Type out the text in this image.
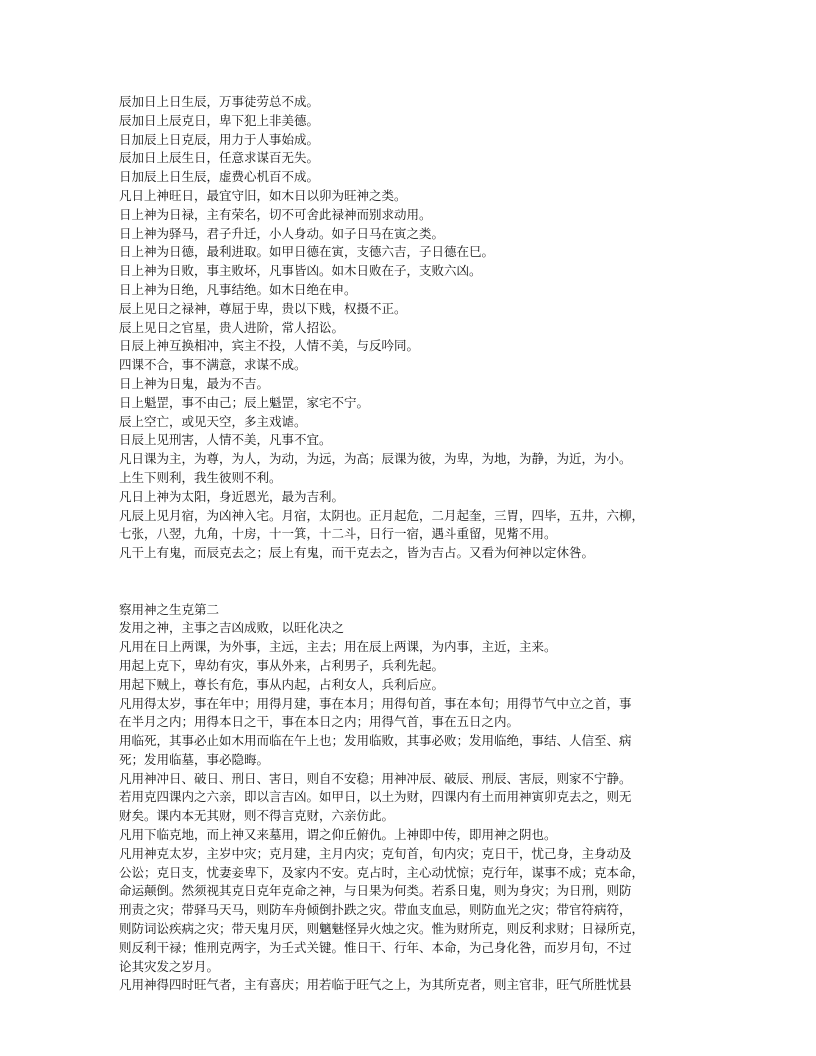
辰加日上日生辰，万事徒劳总不成。

辰加日上辰克日，卑下犯上非美德。

日加辰上日克辰，用力于人事始成。

辰加日上辰生日，任意求谋百无失。

日加辰上日生辰，虚费心机百不成。

凡日上神旺日，最宜守旧，如木日以卯为旺神之类。

日上神为日禄，主有荣名，切不可舍此禄神而别求动用。

日上神为驿马，君子升迁，小人身动。如子日马在寅之类。

日上神为日德，最利进取。如甲日德在寅，支德六吉，子日德在巳。

日上神为日败，事主败坏，凡事皆凶。如木日败在子，支败六凶。

日上神为日绝，凡事结绝。如木日绝在申。

辰上见日之禄神，尊屈于卑，贵以下贱，权摄不正。

辰上见日之官星，贵人进阶，常人招讼。

日辰上神互换相冲，宾主不投，人情不美，与反吟同。

四课不合，事不满意，求谋不成。

日上神为日鬼，最为不吉。

日上魁罡，事不由己；辰上魁罡，家宅不宁。

辰上空亡，或见天空，多主戏谑。

日辰上见刑害，人情不美，凡事不宜。

凡日课为主，为尊，为人，为动，为远，为高；辰课为彼，为卑，为地，为静，为近，为小。

上生下则利，我生彼则不利。

凡日上神为太阳，身近恩光，最为吉利。

凡辰上见月宿，为凶神入宅。月宿，太阴也。正月起危，二月起奎，三胃，四毕，五井，六柳，

七张，八翌，九角，十房，十一箕，十二斗，日行一宿，遇斗重留，见觜不用。

凡干上有鬼，而辰克去之；辰上有鬼，而干克去之，皆为吉占。又看为何神以定休咎。

察用神之生克第二

发用之神，主事之吉凶成败，以旺化决之

凡用在日上两课，为外事，主远，主去；用在辰上两课，为内事，主近，主来。

用起上克下，卑幼有灾，事从外来，占利男子，兵利先起。

用起下贼上，尊长有危，事从内起，占利女人，兵利后应。

凡用得太岁，事在年中；用得月建，事在本月；用得旬首，事在本旬；用得节气中立之首，事

在半月之内；用得本日之干，事在本日之内；用得气首，事在五日之内。

用临死，其事必止如木用而临在午上也；发用临败，其事必败；发用临绝，事结、人信至、病

死；发用临墓，事必隐晦。

凡用神冲日、破日、刑日、害日，则自不安稳；用神冲辰、破辰、刑辰、害辰，则家不宁静。

若用克四课内之六亲，即以言吉凶。如甲日，以土为财，四课内有土而用神寅卯克去之，则无

财矣。课内本无其财，则不得言克财，六亲仿此。

凡用下临克地，而上神又来墓用，谓之仰丘俯仇。上神即中传，即用神之阴也。

凡用神克太岁，主岁中灾；克月建，主月内灾；克旬首，旬内灾；克日干，忧己身，主身动及

公讼；克日支，忧妻妾卑下，及家内不安。克占时，主心动忧惊；克行年，谋事不成；克本命，

命运颠倒。然须视其克日克年克命之神，与日果为何类。若系日鬼，则为身灾；为日刑，则防

刑责之灾；带驿马天马，则防车舟倾倒扑跌之灾。带血支血忌，则防血光之灾；带官符病符，

则防词讼疾病之灾；带天鬼月厌，则魑魅怪异火烛之灾。惟为财所克，则反利求财；日禄所克，

则反利干禄；惟刑克两字，为壬式关键。惟日干、行年、本命，为己身化咎，而岁月旬，不过

论其灾发之岁月。

凡用神得四时旺气者，主有喜庆；用若临于旺气之上，为其所克者，则主官非，旺气所胜忧县
